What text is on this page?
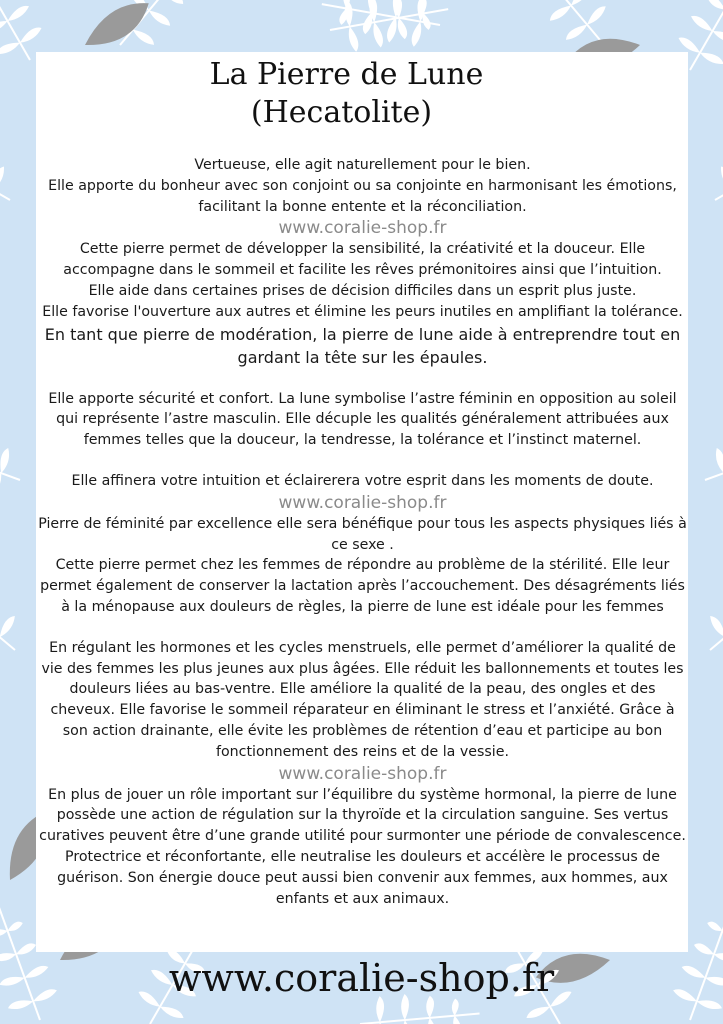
La Pierre de Lune
(Hecatolite)

Vertueuse, elle agit naturellement pour le bien.

Elle apporte du bonheur avec son conjoint ou sa conjointe en harmonisant les émotions, facilitant la bonne entente et la réconciliation.

www.coralie-shop.fr

Cette pierre permet de développer la sensibilité, la créativité et la douceur. Elle accompagne dans le sommeil et facilite les rêves prémonitoires ainsi que l’intuition.

Elle aide dans certaines prises de décision difficiles dans un esprit plus juste.

Elle favorise l'ouverture aux autres et élimine les peurs inutiles en amplifiant la tolérance.

En tant que pierre de modération, la pierre de lune aide à entreprendre tout en gardant la tête sur les épaules.

Elle apporte sécurité et confort. La lune symbolise l’astre féminin en opposition au soleil qui représente l’astre masculin. Elle décuple les qualités généralement attribuées aux femmes telles que la douceur, la tendresse, la tolérance et l’instinct maternel.

Elle affinera votre intuition et éclairerera votre esprit dans les moments de doute.

www.coralie-shop.fr

Pierre de féminité par excellence elle sera bénéfique pour tous les aspects physiques liés à ce sexe .

Cette pierre permet chez les femmes de répondre au problème de la stérilité. Elle leur permet également de conserver la lactation après l’accouchement. Des désagréments liés à la ménopause aux douleurs de règles, la pierre de lune est idéale pour les femmes

En régulant les hormones et les cycles menstruels, elle permet d’améliorer la qualité de vie des femmes les plus jeunes aux plus âgées. Elle réduit les ballonnements et toutes les douleurs liées au bas-ventre. Elle améliore la qualité de la peau, des ongles et des cheveux. Elle favorise le sommeil réparateur en éliminant le stress et l’anxiété. Grâce à son action drainante, elle évite les problèmes de rétention d’eau et participe au bon fonctionnement des reins et de la vessie.

www.coralie-shop.fr

En plus de jouer un rôle important sur l’équilibre du système hormonal, la pierre de lune possède une action de régulation sur la thyroïde et la circulation sanguine. Ses vertus curatives peuvent être d’une grande utilité pour surmonter une période de convalescence. Protectrice et réconfortante, elle neutralise les douleurs et accélère le processus de guérison. Son énergie douce peut aussi bien convenir aux femmes, aux hommes, aux enfants et aux animaux.

www.coralie-shop.fr
